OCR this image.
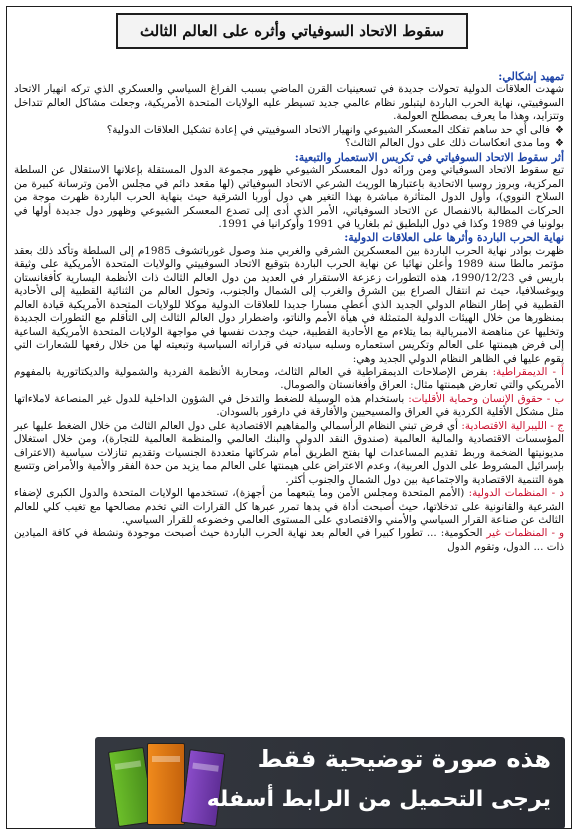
سقوط الاتحاد السوفياتي وأثره على العالم الثالث

تمهيد إشكالي:

شهدت العلاقات الدولية تحولات جديدة في تسعينيات القرن الماضي بسبب الفراغ السياسي والعسكري الذي تركه انهيار الاتحاد السوفييتي، نهاية الحرب الباردة ليتبلور نظام عالمي جديد تسيطر عليه الولايات المتحدة الأمريكية، وجعلت مشاكل العالم تتداخل وتتزايد، وهذا ما يعرف بمصطلح العولمة.

❖
فالى أي حد ساهم تفكك المعسكر الشيوعي وانهيار الاتحاد السوفييتي في إعادة تشكيل العلاقات الدولية؟

❖
وما مدى انعكاسات ذلك على دول العالم الثالث؟

أثر سقوط الاتحاد السوفياتي في تكريس الاستعمار والتبعية:

تبع سقوط الاتحاد السوفياتي ومن ورائه دول المعسكر الشيوعي ظهور مجموعة الدول المستقلة بإعلانها الاستقلال عن السلطة المركزية، وبروز روسيا الاتحادية باعتبارها الوريث الشرعي الاتحاد السوفياتي (لها مقعد دائم في مجلس الأمن وترسانة كبيرة من السلاح النووي)، وأول الدول المتأثرة مباشرة بهذا التغير هي دول أوربا الشرقية حيث بنهاية الحرب الباردة ظهرت موجة من الحركات المطالبة بالانفصال عن الاتحاد السوفياتي، الأمر الذي أدى إلى تصدع المعسكر الشيوعي وظهور دول جديدة أولها في بولونيا في 1989 وكذا في دول البلطيق ثم بلغاريا في 1991 وأوكرانيا في 1991.

نهاية الحرب الباردة وأثرها على العلاقات الدولية:

ظهرت بوادر نهاية الحرب الباردة بين المعسكرين الشرقي والغربي منذ وصول غورباتشوف 1985م إلى السلطة وتأكد ذلك بعقد مؤتمر مالطا سنة 1989 وأعلن نهائيا عن نهاية الحرب الباردة بتوقيع الاتحاد السوفييتي والولايات المتحدة الأمريكية على وثيقة باريس في 1990/12/23، هذه التطورات زعزعة الاستقرار في العديد من دول العالم الثالث ذات الأنظمة اليسارية كأفغانستان ويوغسلافيا، حيث تم انتقال الصراع بين الشرق والغرب إلى الشمال والجنوب، وتحول العالم من الثنائية القطبية إلى الأحادية القطبية في إطار النظام الدولي الجديد الذي أعطى مسارا جديدا للعلاقات الدولية موكلا للولايات المتحدة الأمريكية قيادة العالم بمنظورها من خلال الهيئات الدولية المتمثلة في هيأة الأمم والناتو، واضطرار دول العالم الثالث إلى التأقلم مع التطورات الجديدة وتخليها عن مناهضة الامبريالية بما يتلاءم مع الأحادية القطبية، حيث وجدت نفسها في مواجهة الولايات المتحدة الأمريكية الساعية إلى فرض هيمنتها على العالم وتكريس استعماره وسلبه سيادته في قراراته السياسية وتبعيته لها من خلال رفعها للشعارات التي يقوم عليها في الظاهر النظام الدولي الجديد وهي:

أ - الديمقراطية: بفرض الإصلاحات الديمقراطية في العالم الثالث، ومحاربة الأنظمة الفردية والشمولية والديكتاتورية بالمفهوم الأمريكي والتي تعارض هيمنتها مثال: العراق وأفغانستان والصومال.

ب - حقوق الإنسان وحماية الأقليات: باستخدام هذه الوسيلة للضغط والتدخل في الشؤون الداخلية للدول غير المنصاعة لاملاءاتها مثل مشكل الأقلية الكردية في العراق والمسيحيين والأفارقة في دارفور بالسودان.

ج - الليبرالية الاقتصادية: أي فرض تبني النظام الرأسمالي والمفاهيم الاقتصادية على دول العالم الثالث من خلال الضغط عليها عبر المؤسسات الاقتصادية والمالية العالمية (صندوق النقد الدولي والبنك العالمي والمنظمة العالمية للتجارة)، ومن خلال استغلال مديونيتها الضخمة وربط تقديم المساعدات لها بفتح الطريق أمام شركاتها متعددة الجنسيات وتقديم تنازلات سياسية (الاعتراف بإسرائيل المشروط على الدول العربية)، وعدم الاعتراض على هيمنتها على العالم مما يزيد من حدة الفقر والأمية والأمراض وتتسع هوة التنمية الاقتصادية والاجتماعية بين دول الشمال والجنوب أكثر.

د - المنظمات الدولية: (الأمم المتحدة ومجلس الأمن وما يتبعهما من أجهزة)، تستخدمها الولايات المتحدة والدول الكبرى لإضفاء الشرعية والقانونية على تدخلاتها، حيث أصبحت أداة في يدها تمرر عبرها كل القرارات التي تخدم مصالحها مع تغيب كلي للعالم الثالث عن صناعة القرار السياسي والأمني والاقتصادي على المستوى العالمي وخضوعه للقرار السياسي.

و - المنظمات غير الحكومية: ... تطورا كبيرا في العالم بعد نهاية الحرب الباردة حيث أصبحت موجودة ونشطة في كافة الميادين ذات ... الدول، وتقوم الدول

هذه صورة توضيحية فقط
يرجى التحميل من الرابط أسفله
